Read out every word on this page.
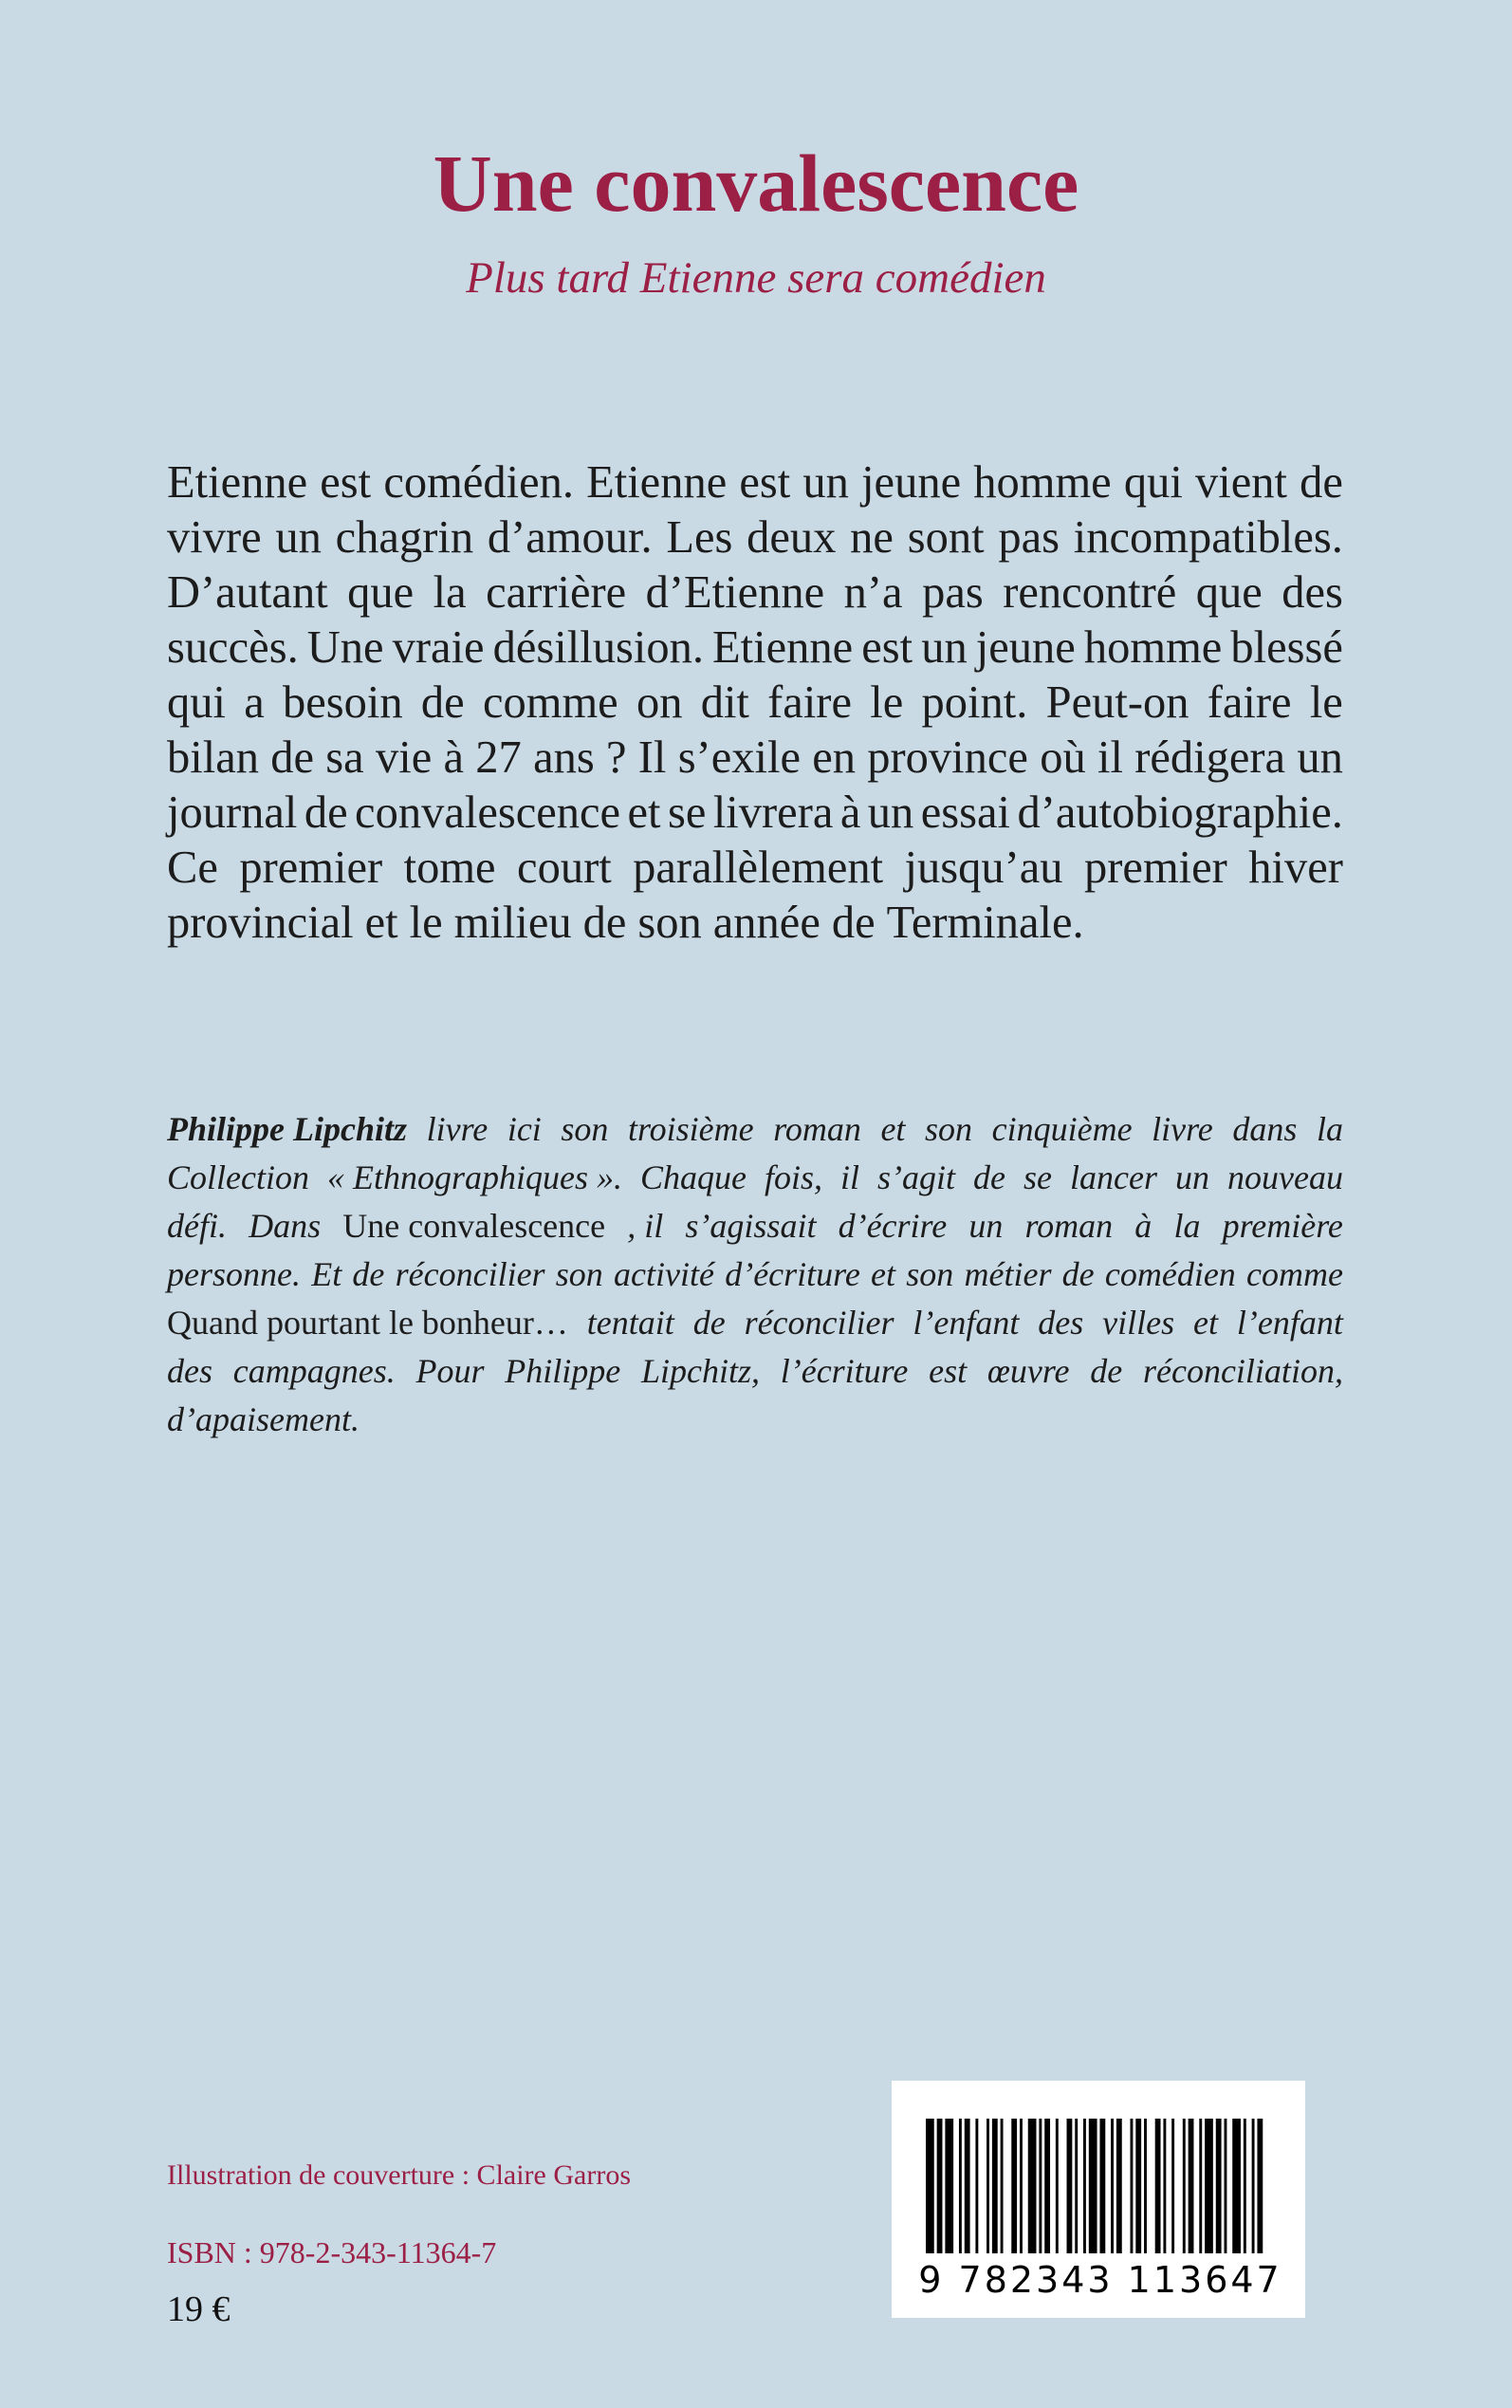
Une convalescence
Plus tard Etienne sera comédien
Etienne est comédien. Etienne est un jeune homme qui vient de
vivre un chagrin d’amour. Les deux ne sont pas incompatibles.
D’autant que la carrière d’Etienne n’a pas rencontré que des
succès. Une vraie désillusion. Etienne est un jeune homme blessé
qui a besoin de comme on dit faire le point. Peut-on faire le
bilan de sa vie à 27 ans ? Il s’exile en province où il rédigera un
journal de convalescence et se livrera à un essai d’autobiographie.
Ce premier tome court parallèlement jusqu’au premier hiver
provincial et le milieu de son année de Terminale.
Philippe Lipchitz livre ici son troisième roman et son cinquième livre dans la
Collection « Ethnographiques ». Chaque fois, il s’agit de se lancer un nouveau
défi. Dans Une convalescence , il s’agissait d’écrire un roman à la première
personne. Et de réconcilier son activité d’écriture et son métier de comédien comme
Quand pourtant le bonheur… tentait de réconcilier l’enfant des villes et l’enfant
des campagnes. Pour Philippe Lipchitz, l’écriture est œuvre de réconciliation,
d’apaisement.
Illustration de couverture : Claire Garros
ISBN : 978-2-343-11364-7
19 €
9 782343 113647
